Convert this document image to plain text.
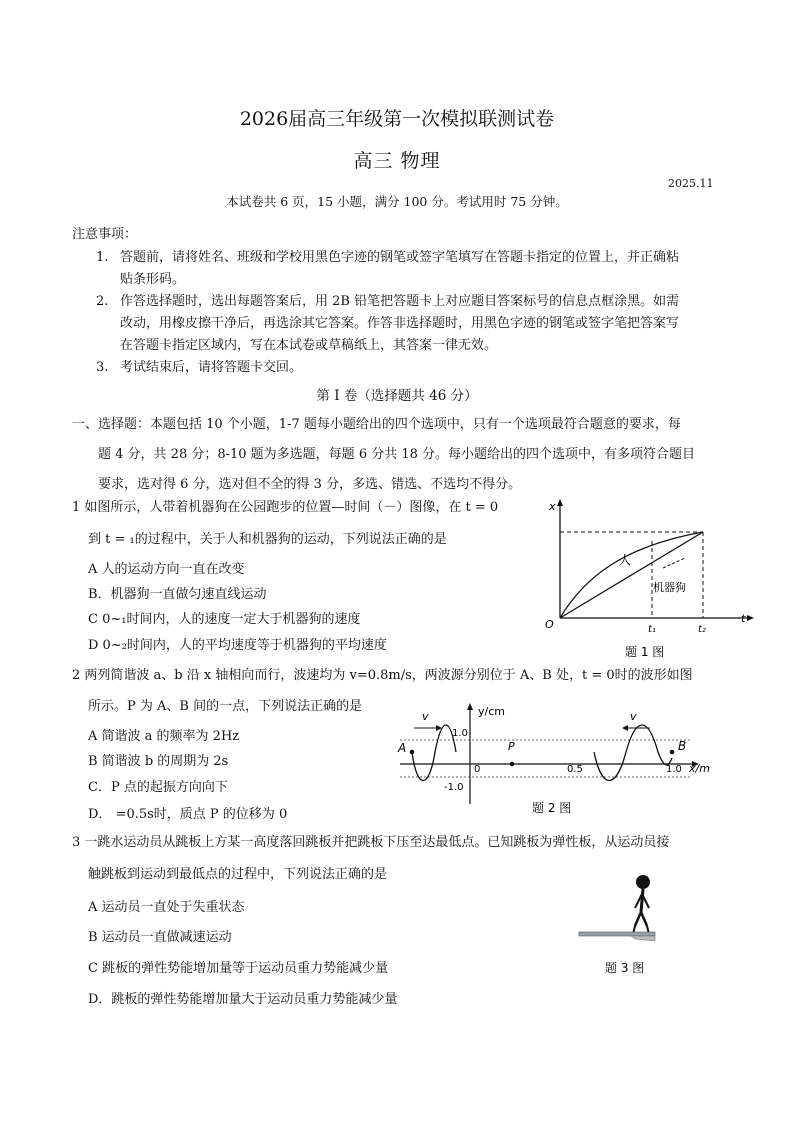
2026届高三年级第一次模拟联测试卷
高三 物理
2025.11
本试卷共 6 页，15 小题，满分 100 分。考试用时 75 分钟。
注意事项：
1. 答题前，请将姓名、班级和学校用黑色字迹的钢笔或签字笔填写在答题卡指定的位置上，并正确粘
贴条形码。
2. 作答选择题时，选出每题答案后，用 2B 铅笔把答题卡上对应题目答案标号的信息点框涂黑。如需
改动，用橡皮擦干净后，再选涂其它答案。作答非选择题时，用黑色字迹的钢笔或签字笔把答案写
在答题卡指定区域内，写在本试卷或草稿纸上，其答案一律无效。
3. 考试结束后，请将答题卡交回。
第 I 卷（选择题共 46 分）
一、选择题：本题包括 10 个小题，1-7 题每小题给出的四个选项中，只有一个选项最符合题意的要求，每
题 4 分，共 28 分；8-10 题为多选题，每题 6 分共 18 分。每小题给出的四个选项中，有多项符合题目
要求，选对得 6 分，选对但不全的得 3 分，多选、错选、不选均不得分。
1 如图所示，人带着机器狗在公园跑步的位置—时间（－）图像，在 t = 0
到 t = ₁的过程中，关于人和机器狗的运动，下列说法正确的是
A 人的运动方向一直在改变
B．机器狗一直做匀速直线运动
C 0~₁时间内，人的速度一定大于机器狗的速度
D 0~₂时间内，人的平均速度等于机器狗的平均速度
x
t
O
人
机器狗
t₁	t₂
题 1 图
2 两列简谐波 a、b 沿 x 轴相向而行，波速均为 v=0.8m/s，两波源分别位于 A、B 处，t = 0时的波形如图
所示。P 为 A、B 间的一点，下列说法正确的是
A 简谐波 a 的频率为 2Hz
B 简谐波 b 的周期为 2s
C．P 点的起振方向向下
D． =0.5s时，质点 P 的位移为 0
y/cm
x/m
1.0
-1.0
0	0.5	1.0
A	B
P
v	v
题 2 图
3 一跳水运动员从跳板上方某一高度落回跳板并把跳板下压至达最低点。已知跳板为弹性板，从运动员接
触跳板到运动到最低点的过程中，下列说法正确的是
A 运动员一直处于失重状态
B 运动员一直做减速运动
C 跳板的弹性势能增加量等于运动员重力势能减少量
D．跳板的弹性势能增加量大于运动员重力势能减少量
题 3 图
